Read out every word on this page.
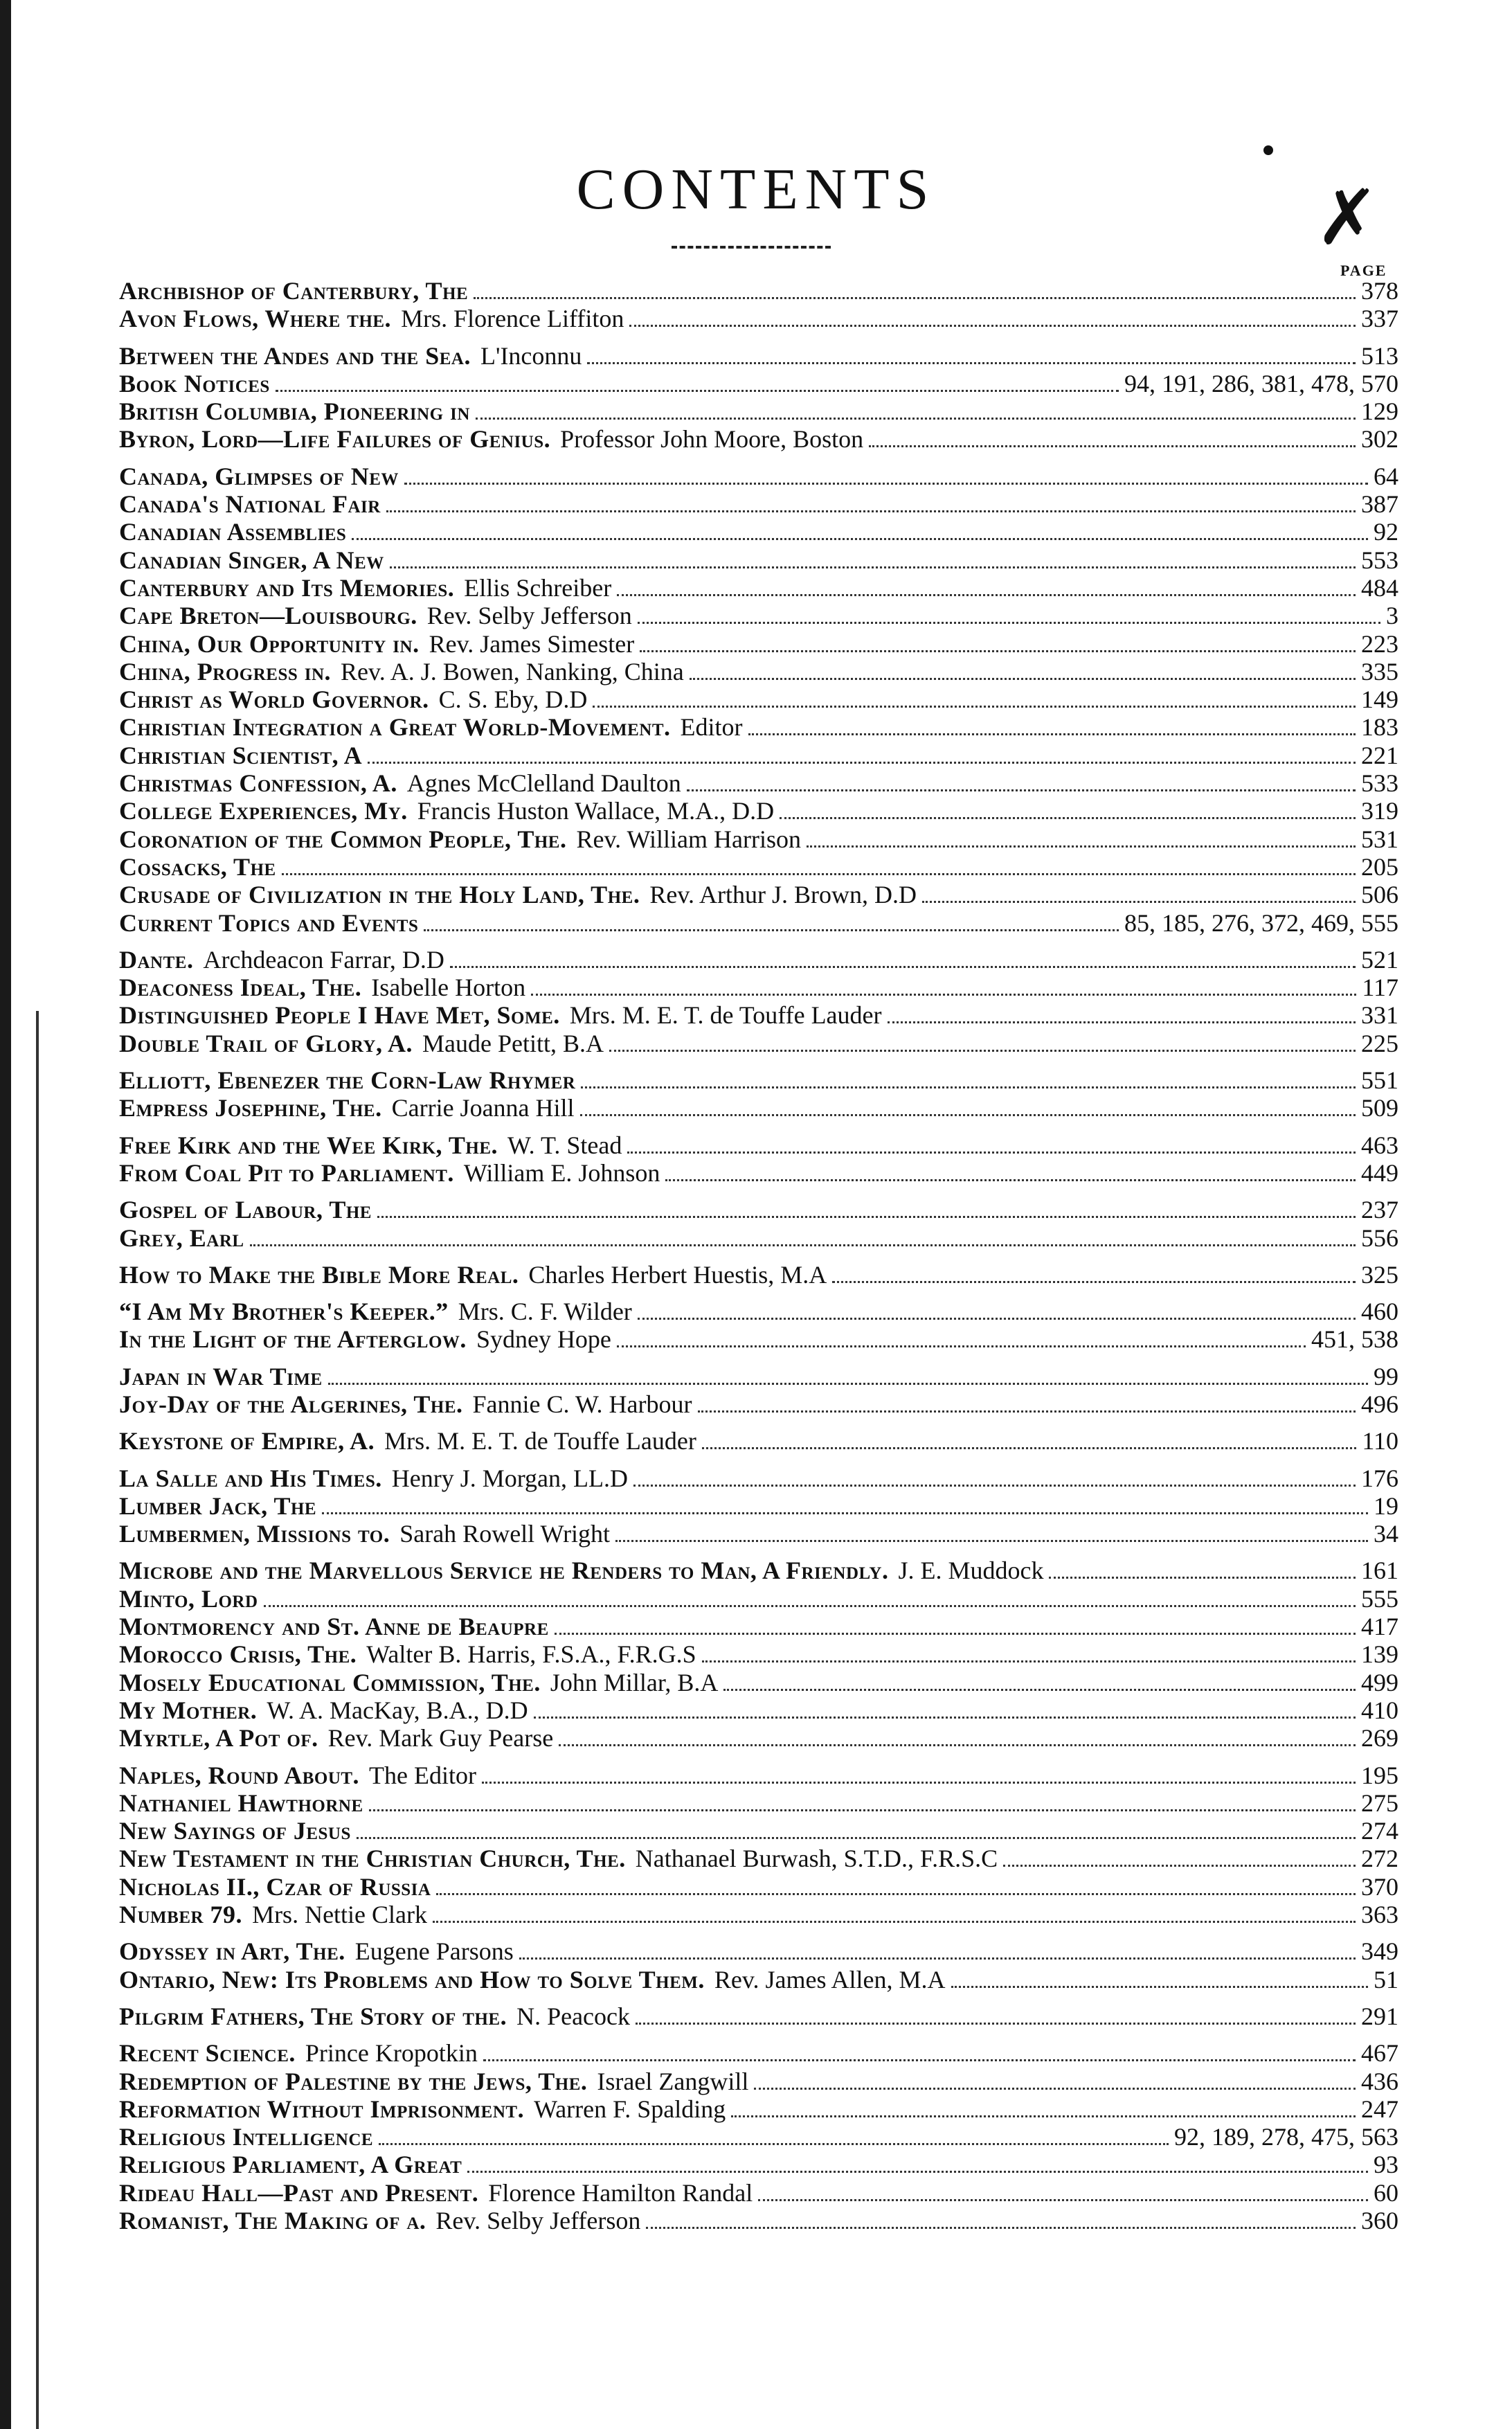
CONTENTS	✗
PAGE
Archbishop of Canterbury, The	378
Avon Flows, Where the. Mrs. Florence Liffiton	337
Between the Andes and the Sea. L'Inconnu	513
Book Notices	94, 191, 286, 381, 478, 570
British Columbia, Pioneering in	129
Byron, Lord—Life Failures of Genius. Professor John Moore, Boston	302
Canada, Glimpses of New	64
Canada's National Fair	387
Canadian Assemblies	92
Canadian Singer, A New	553
Canterbury and Its Memories. Ellis Schreiber	484
Cape Breton—Louisbourg. Rev. Selby Jefferson	3
China, Our Opportunity in. Rev. James Simester	223
China, Progress in. Rev. A. J. Bowen, Nanking, China	335
Christ as World Governor. C. S. Eby, D.D	149
Christian Integration a Great World-Movement. Editor	183
Christian Scientist, A	221
Christmas Confession, A. Agnes McClelland Daulton	533
College Experiences, My. Francis Huston Wallace, M.A., D.D	319
Coronation of the Common People, The. Rev. William Harrison	531
Cossacks, The	205
Crusade of Civilization in the Holy Land, The. Rev. Arthur J. Brown, D.D	506
Current Topics and Events	85, 185, 276, 372, 469, 555
Dante. Archdeacon Farrar, D.D	521
Deaconess Ideal, The. Isabelle Horton	117
Distinguished People I Have Met, Some. Mrs. M. E. T. de Touffe Lauder	331
Double Trail of Glory, A. Maude Petitt, B.A	225
Elliott, Ebenezer the Corn-Law Rhymer	551
Empress Josephine, The. Carrie Joanna Hill	509
Free Kirk and the Wee Kirk, The. W. T. Stead	463
From Coal Pit to Parliament. William E. Johnson	449
Gospel of Labour, The	237
Grey, Earl	556
How to Make the Bible More Real. Charles Herbert Huestis, M.A	325
“I Am My Brother's Keeper.” Mrs. C. F. Wilder	460
In the Light of the Afterglow. Sydney Hope	451, 538
Japan in War Time	99
Joy-Day of the Algerines, The. Fannie C. W. Harbour	496
Keystone of Empire, A. Mrs. M. E. T. de Touffe Lauder	110
La Salle and His Times. Henry J. Morgan, LL.D	176
Lumber Jack, The	19
Lumbermen, Missions to. Sarah Rowell Wright	34
Microbe and the Marvellous Service he Renders to Man, A Friendly. J. E. Muddock	161
Minto, Lord	555
Montmorency and St. Anne de Beaupre	417
Morocco Crisis, The. Walter B. Harris, F.S.A., F.R.G.S	139
Mosely Educational Commission, The. John Millar, B.A	499
My Mother. W. A. MacKay, B.A., D.D	410
Myrtle, A Pot of. Rev. Mark Guy Pearse	269
Naples, Round About. The Editor	195
Nathaniel Hawthorne	275
New Sayings of Jesus	274
New Testament in the Christian Church, The. Nathanael Burwash, S.T.D., F.R.S.C	272
Nicholas II., Czar of Russia	370
Number 79. Mrs. Nettie Clark	363
Odyssey in Art, The. Eugene Parsons	349
Ontario, New: Its Problems and How to Solve Them. Rev. James Allen, M.A	51
Pilgrim Fathers, The Story of the. N. Peacock	291
Recent Science. Prince Kropotkin	467
Redemption of Palestine by the Jews, The. Israel Zangwill	436
Reformation Without Imprisonment. Warren F. Spalding	247
Religious Intelligence	92, 189, 278, 475, 563
Religious Parliament, A Great	93
Rideau Hall—Past and Present. Florence Hamilton Randal	60
Romanist, The Making of a. Rev. Selby Jefferson	360
